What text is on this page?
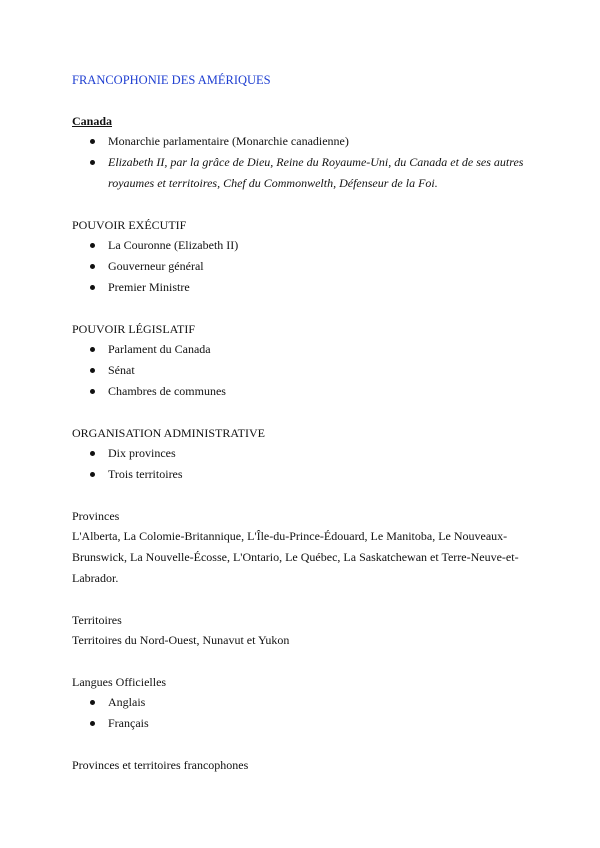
FRANCOPHONIE DES AMÉRIQUES

Canada

Monarchie parlamentaire (Monarchie canadienne)
Elizabeth II, par la grâce de Dieu, Reine du Royaume-Uni, du Canada et de ses autres royaumes et territoires, Chef du Commonwelth, Défenseur de la Foi.

POUVOIR EXÉCUTIF

La Couronne (Elizabeth II)
Gouverneur général
Premier Ministre

POUVOIR LÉGISLATIF

Parlament du Canada
Sénat
Chambres de communes

ORGANISATION ADMINISTRATIVE

Dix provinces
Trois territoires

Provinces

L'Alberta, La Colomie-Britannique, L'Île-du-Prince-Édouard, Le Manitoba, Le Nouveaux-Brunswick, La Nouvelle-Écosse, L'Ontario, Le Québec, La Saskatchewan et Terre-Neuve-et-Labrador.

Territoires

Territoires du Nord-Ouest, Nunavut et Yukon

Langues Officielles

Anglais
Français

Provinces et territoires francophones
